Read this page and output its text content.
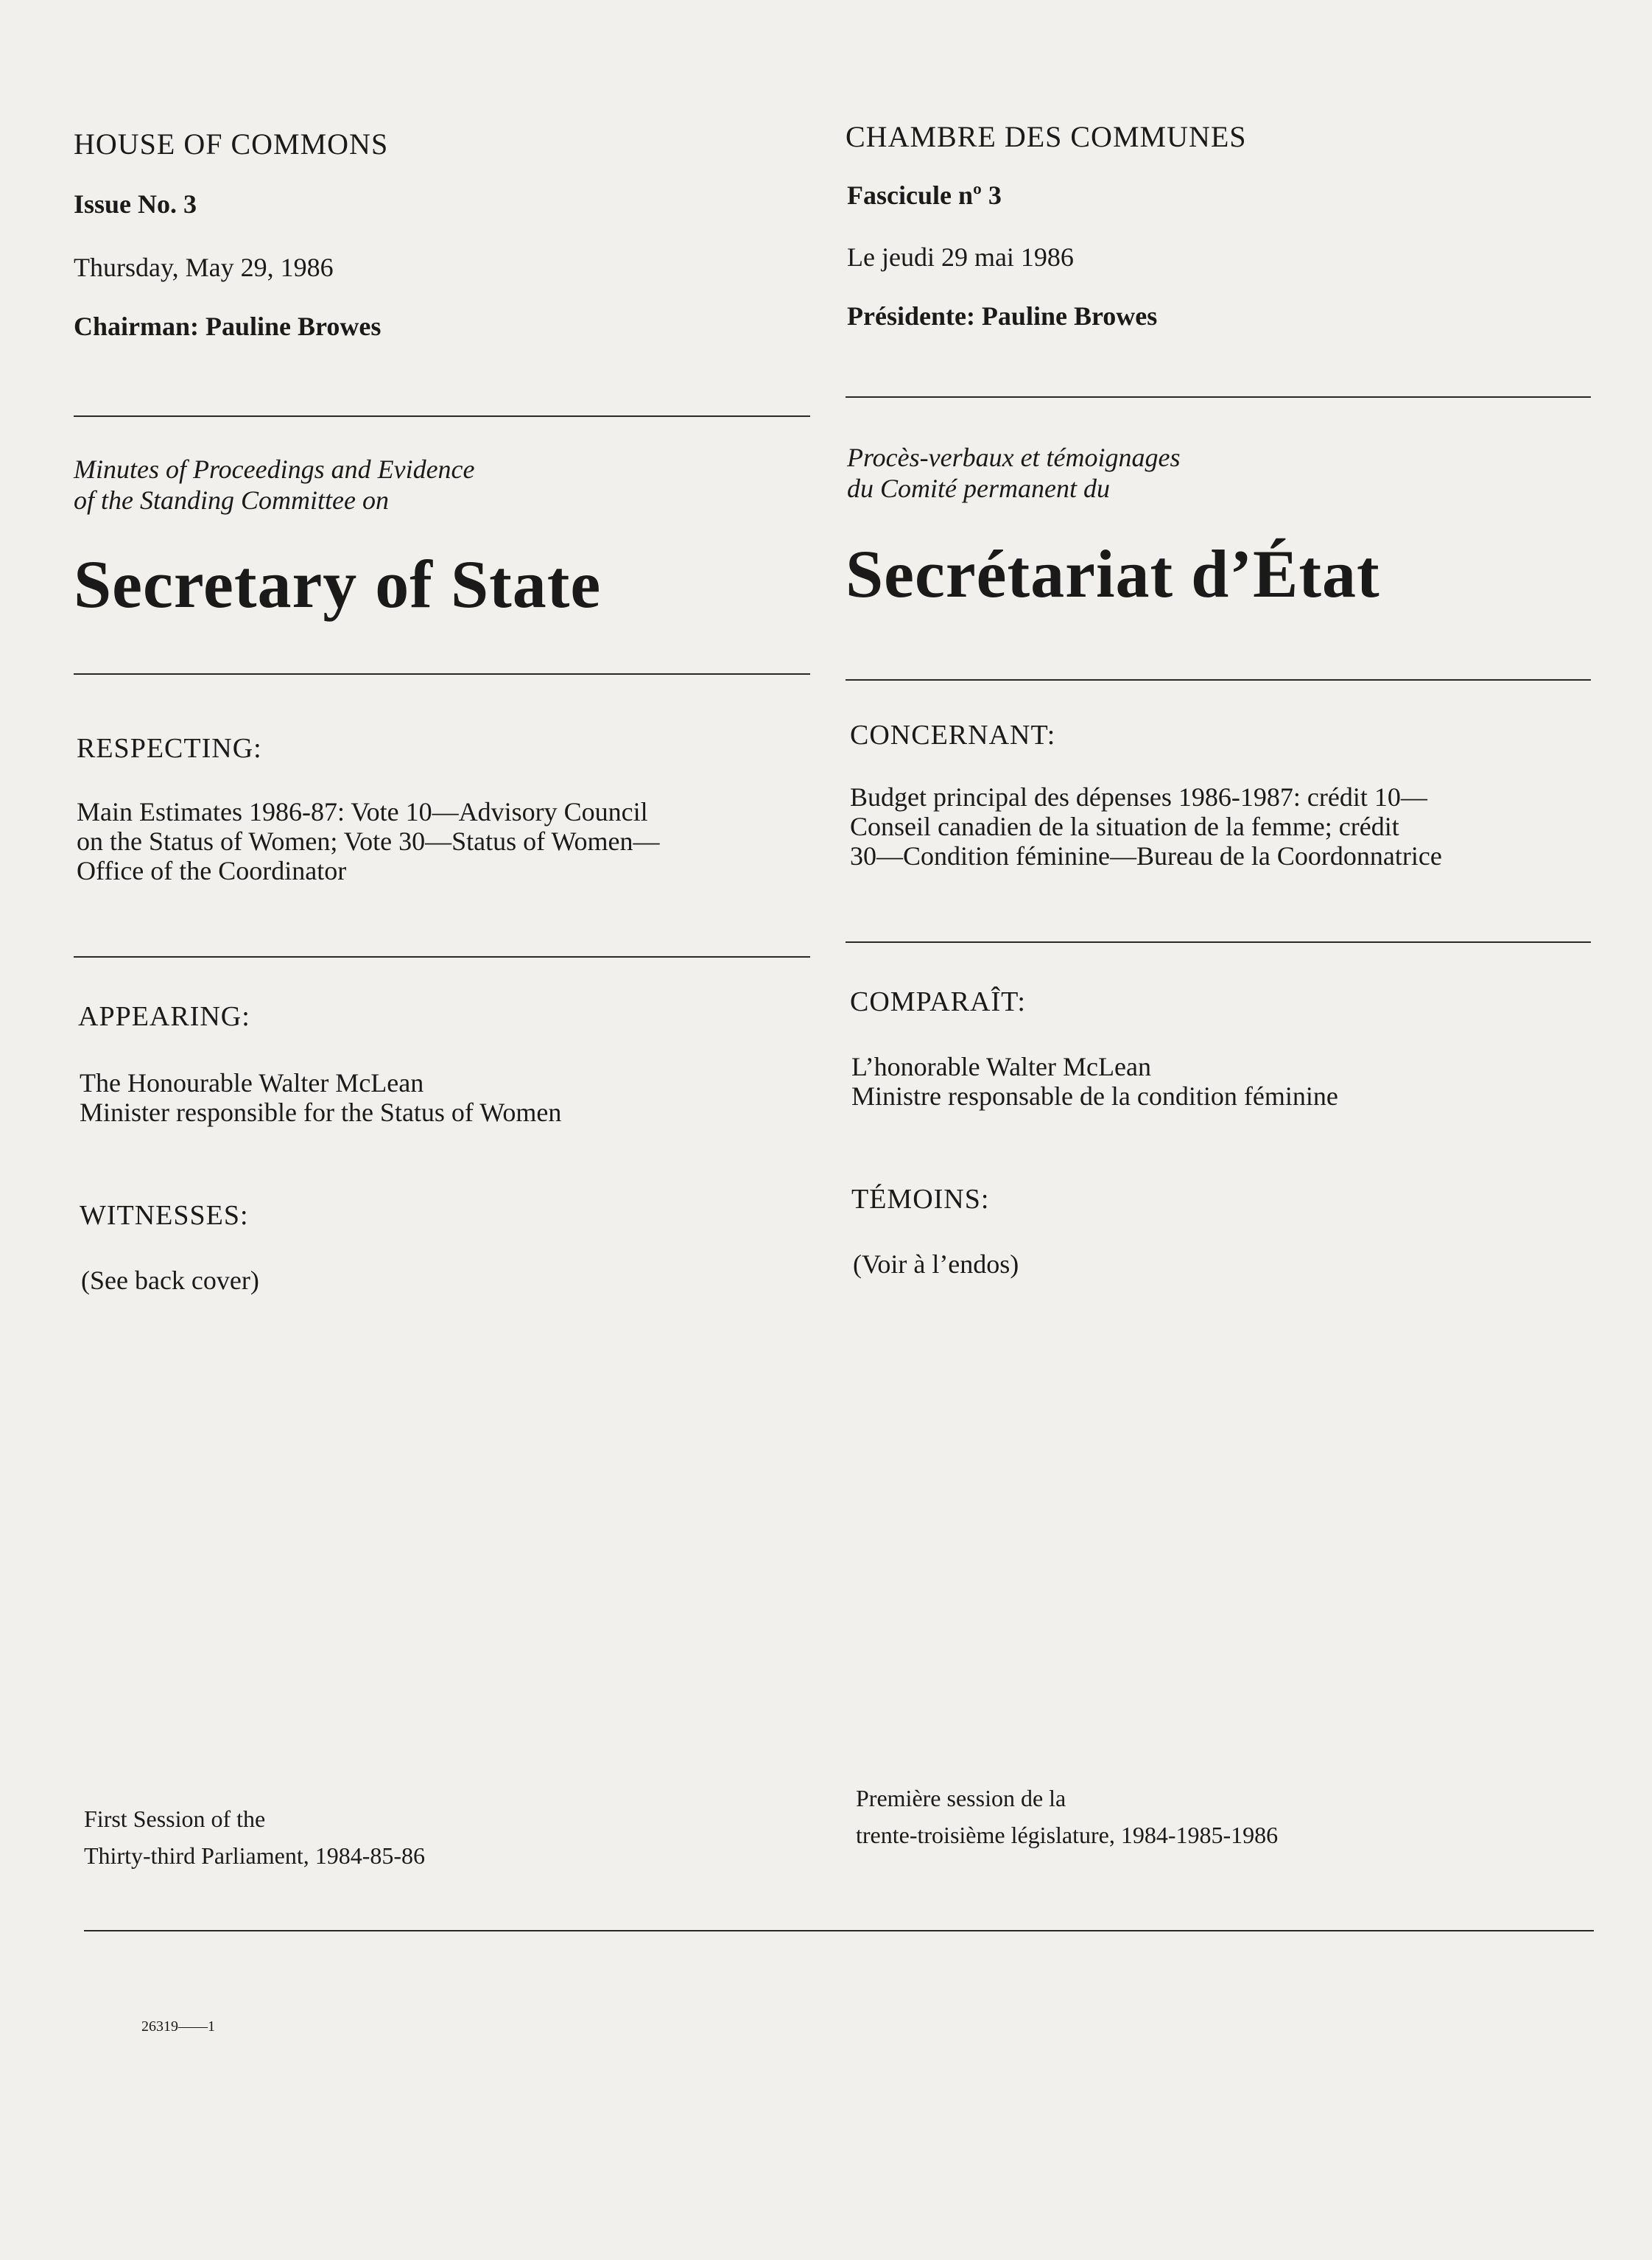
HOUSE OF COMMONS
Issue No. 3
Thursday, May 29, 1986
Chairman: Pauline Browes
CHAMBRE DES COMMUNES
Fascicule nº 3
Le jeudi 29 mai 1986
Présidente: Pauline Browes
Minutes of Proceedings and Evidence
of the Standing Committee on
Procès-verbaux et témoignages
du Comité permanent du
Secretary of State	Secrétariat d’État
RESPECTING:
Main Estimates 1986-87: Vote 10—Advisory Council
on the Status of Women; Vote 30—Status of Women—
Office of the Coordinator
CONCERNANT:
Budget principal des dépenses 1986-1987: crédit 10—
Conseil canadien de la situation de la femme; crédit
30—Condition féminine—Bureau de la Coordonnatrice
APPEARING:
The Honourable Walter McLean
Minister responsible for the Status of Women
COMPARAÎT:
L’honorable Walter McLean
Ministre responsable de la condition féminine
WITNESSES:
(See back cover)
TÉMOINS:
(Voir à l’endos)
First Session of the
Thirty-third Parliament, 1984-85-86
Première session de la
trente-troisième législature, 1984-1985-1986
26319——1
